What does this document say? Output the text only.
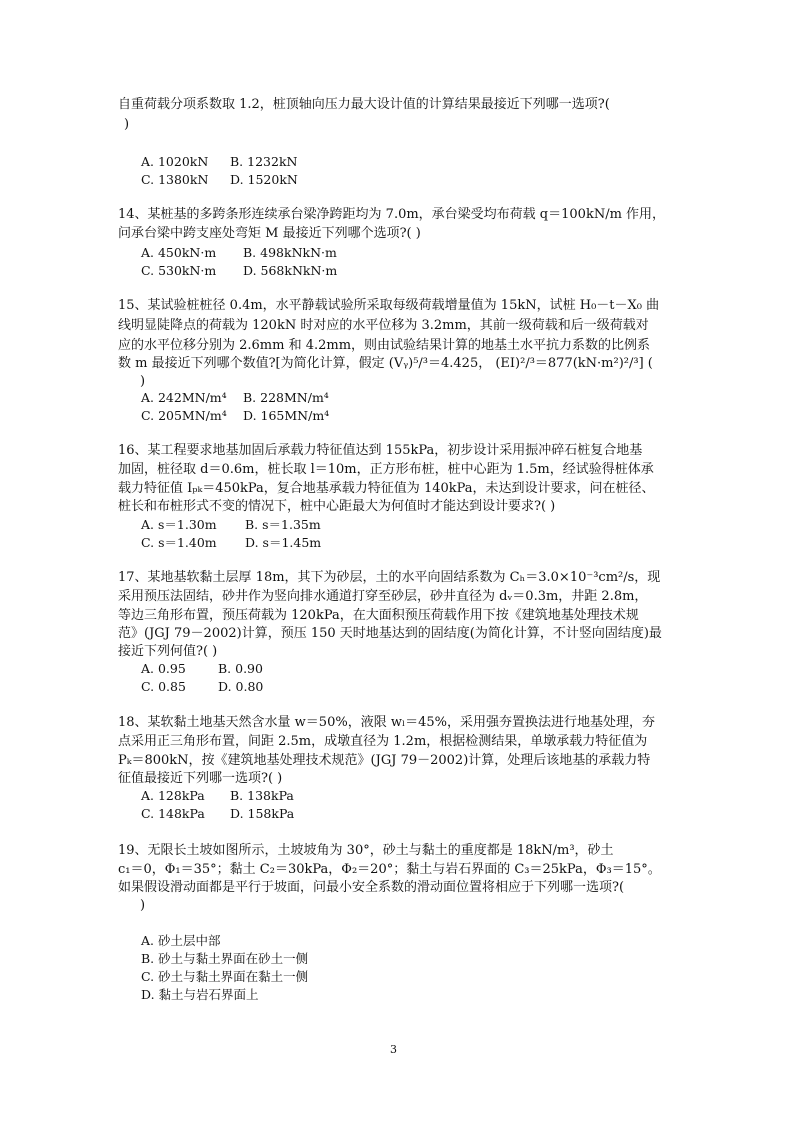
自重荷载分项系数取 1.2，桩顶轴向压力最大设计值的计算结果最接近下列哪一选项?(
)
A. 1020kN B. 1232kN
C. 1380kN D. 1520kN
14、某桩基的多跨条形连续承台梁净跨距均为 7.0m，承台梁受均布荷载 q＝100kN/m 作用，
问承台梁中跨支座处弯矩 M 最接近下列哪个选项?( )
A. 450kN·m B. 498kNkN·m
C. 530kN·m D. 568kNkN·m
15、某试验桩桩径 0.4m，水平静载试验所采取每级荷载增量值为 15kN，试桩 H₀－t－X₀ 曲
线明显陡降点的荷载为 120kN 时对应的水平位移为 3.2mm，其前一级荷载和后一级荷载对
应的水平位移分别为 2.6mm 和 4.2mm，则由试验结果计算的地基土水平抗力系数的比例系
数 m 最接近下列哪个数值?[为简化计算，假定 (Vᵧ)⁵/³＝4.425， (EI)²/³＝877(kN·m²)²/³] (
)
A. 242MN/m⁴ B. 228MN/m⁴
C. 205MN/m⁴ D. 165MN/m⁴
16、某工程要求地基加固后承载力特征值达到 155kPa，初步设计采用振冲碎石桩复合地基
加固，桩径取 d＝0.6m，桩长取 l＝10m，正方形布桩，桩中心距为 1.5m，经试验得桩体承
载力特征值 Iₚₖ＝450kPa，复合地基承载力特征值为 140kPa，未达到设计要求，问在桩径、
桩长和布桩形式不变的情况下，桩中心距最大为何值时才能达到设计要求?( )
A. s＝1.30m B. s＝1.35m
C. s＝1.40m D. s＝1.45m
17、某地基软黏土层厚 18m，其下为砂层，土的水平向固结系数为 Cₕ＝3.0×10⁻³cm²/s，现
采用预压法固结，砂井作为竖向排水通道打穿至砂层，砂井直径为 dᵥ＝0.3m，井距 2.8m，
等边三角形布置，预压荷载为 120kPa，在大面积预压荷载作用下按《建筑地基处理技术规
范》(JGJ 79－2002)计算，预压 150 天时地基达到的固结度(为简化计算，不计竖向固结度)最
接近下列何值?( )
A. 0.95	B. 0.90
C. 0.85	D. 0.80
18、某软黏土地基天然含水量 w＝50%，液限 wₗ＝45%，采用强夯置换法进行地基处理，夯
点采用正三角形布置，间距 2.5m，成墩直径为 1.2m，根据检测结果，单墩承载力特征值为
Pₖ＝800kN，按《建筑地基处理技术规范》(JGJ 79－2002)计算，处理后该地基的承载力特
征值最接近下列哪一选项?( )
A. 128kPa B. 138kPa
C. 148kPa D. 158kPa
19、无限长土坡如图所示，土坡坡角为 30°，砂土与黏土的重度都是 18kN/m³，砂土
c₁＝0，Φ₁＝35°；黏土 C₂＝30kPa，Φ₂＝20°；黏土与岩石界面的 C₃＝25kPa，Φ₃＝15°。
如果假设滑动面都是平行于坡面，问最小安全系数的滑动面位置将相应于下列哪一选项?(
)
A. 砂土层中部
B. 砂土与黏土界面在砂土一侧
C. 砂土与黏土界面在黏土一侧
D. 黏土与岩石界面上
3
